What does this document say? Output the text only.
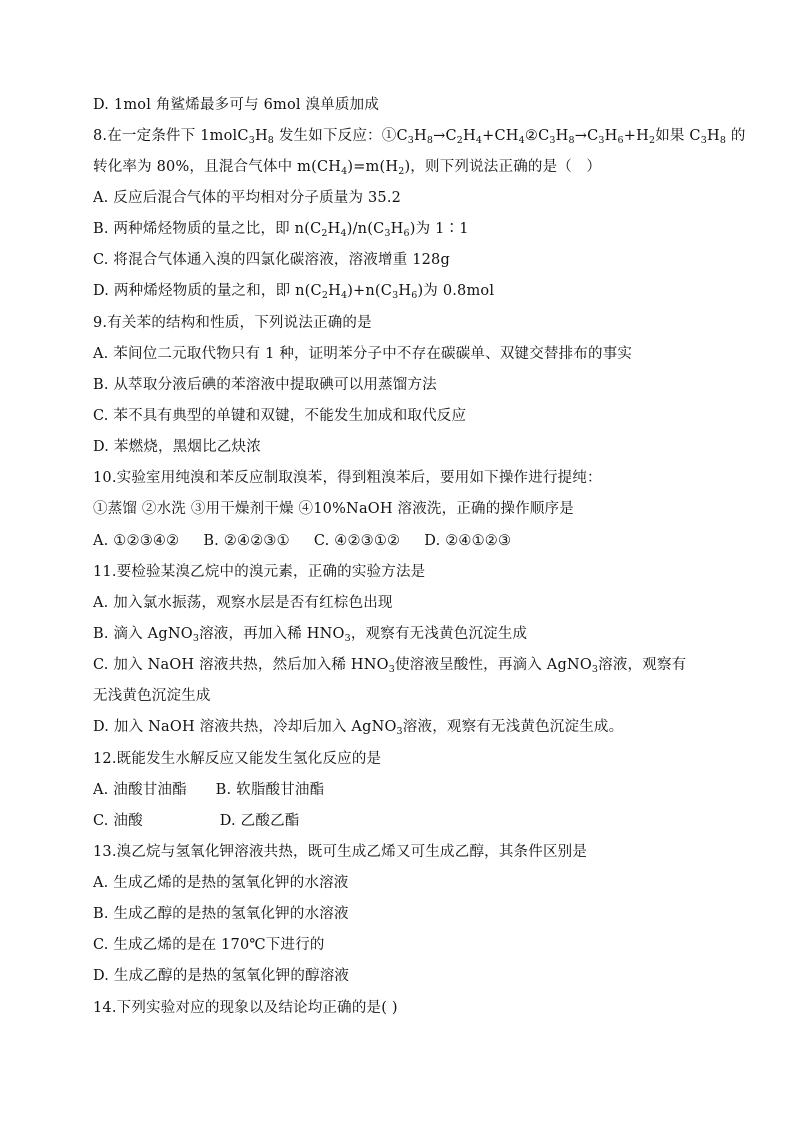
D. 1mol 角鲨烯最多可与 6mol 溴单质加成
8.在一定条件下 $1molC_3H_8$ 发生如下反应：$①C_3H_8\to C_2H_4+CH_4②C_3H_8\to C_3H_6+H_2$如果 $C_3H_8$ 的
转化率为 80%，且混合气体中 $m(CH_4)=m(H_2)$，则下列说法正确的是（   ）
A. 反应后混合气体的平均相对分子质量为 35.2
B. 两种烯烃物质的量之比，即 $n(C_2H_4)/n(C_3H_6)$为 1∶1
C. 将混合气体通入溴的四氯化碳溶液，溶液增重 128g
D. 两种烯烃物质的量之和，即 $n(C_2H_4)+n(C_3H_6)$为 0.8mol
9.有关苯的结构和性质，下列说法正确的是
A. 苯间位二元取代物只有 1 种，证明苯分子中不存在碳碳单、双键交替排布的事实
B. 从萃取分液后碘的苯溶液中提取碘可以用蒸馏方法
C. 苯不具有典型的单键和双键，不能发生加成和取代反应
D. 苯燃烧，黑烟比乙炔浓
10.实验室用纯溴和苯反应制取溴苯，得到粗溴苯后，要用如下操作进行提纯：
①蒸馏 ②水洗 ③用干燥剂干燥 ④10%NaOH 溶液洗，正确的操作顺序是
A. ①②③④②     B. ②④②③①     C. ④②③①②     D. ②④①②③
11.要检验某溴乙烷中的溴元素，正确的实验方法是
A. 加入氯水振荡，观察水层是否有红棕色出现
B. 滴入 AgNO$_3$溶液，再加入稀 $HNO_3$，观察有无浅黄色沉淀生成
C. 加入 NaOH 溶液共热，然后加入稀 $HNO_3$使溶液呈酸性，再滴入 AgNO$_3$溶液，观察有
无浅黄色沉淀生成
D. 加入 NaOH 溶液共热，冷却后加入 AgNO$_3$溶液，观察有无浅黄色沉淀生成。
12.既能发生水解反应又能发生氢化反应的是
A. 油酸甘油酯      B. 软脂酸甘油酯
C. 油酸                D. 乙酸乙酯
13.溴乙烷与氢氧化钾溶液共热，既可生成乙烯又可生成乙醇，其条件区别是
A. 生成乙烯的是热的氢氧化钾的水溶液
B. 生成乙醇的是热的氢氧化钾的水溶液
C. 生成乙烯的是在 170℃下进行的
D. 生成乙醇的是热的氢氧化钾的醇溶液
14.下列实验对应的现象以及结论均正确的是( )
